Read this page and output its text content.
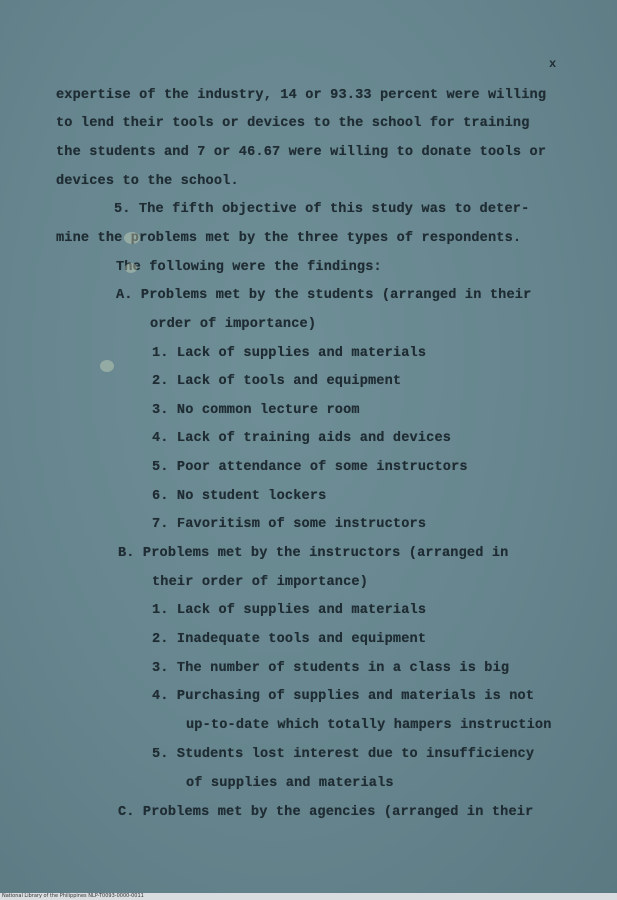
x
expertise of the industry, 14 or 93.33 percent were willing
to lend their tools or devices to the school for training
the students and 7 or 46.67 were willing to donate tools or
devices to the school.
5. The fifth objective of this study was to deter-
mine the problems met by the three types of respondents.
The following were the findings:
A. Problems met by the students (arranged in their
order of importance)
1. Lack of supplies and materials
2. Lack of tools and equipment
3. No common lecture room
4. Lack of training aids and devices
5. Poor attendance of some instructors
6. No student lockers
7. Favoritism of some instructors
B. Problems met by the instructors (arranged in
their order of importance)
1. Lack of supplies and materials
2. Inadequate tools and equipment
3. The number of students in a class is big
4. Purchasing of supplies and materials is not
up-to-date which totally hampers instruction
5. Students lost interest due to insufficiency
of supplies and materials
C. Problems met by the agencies (arranged in their
National Library of the Philippines NLP-T0093-0000-0011
